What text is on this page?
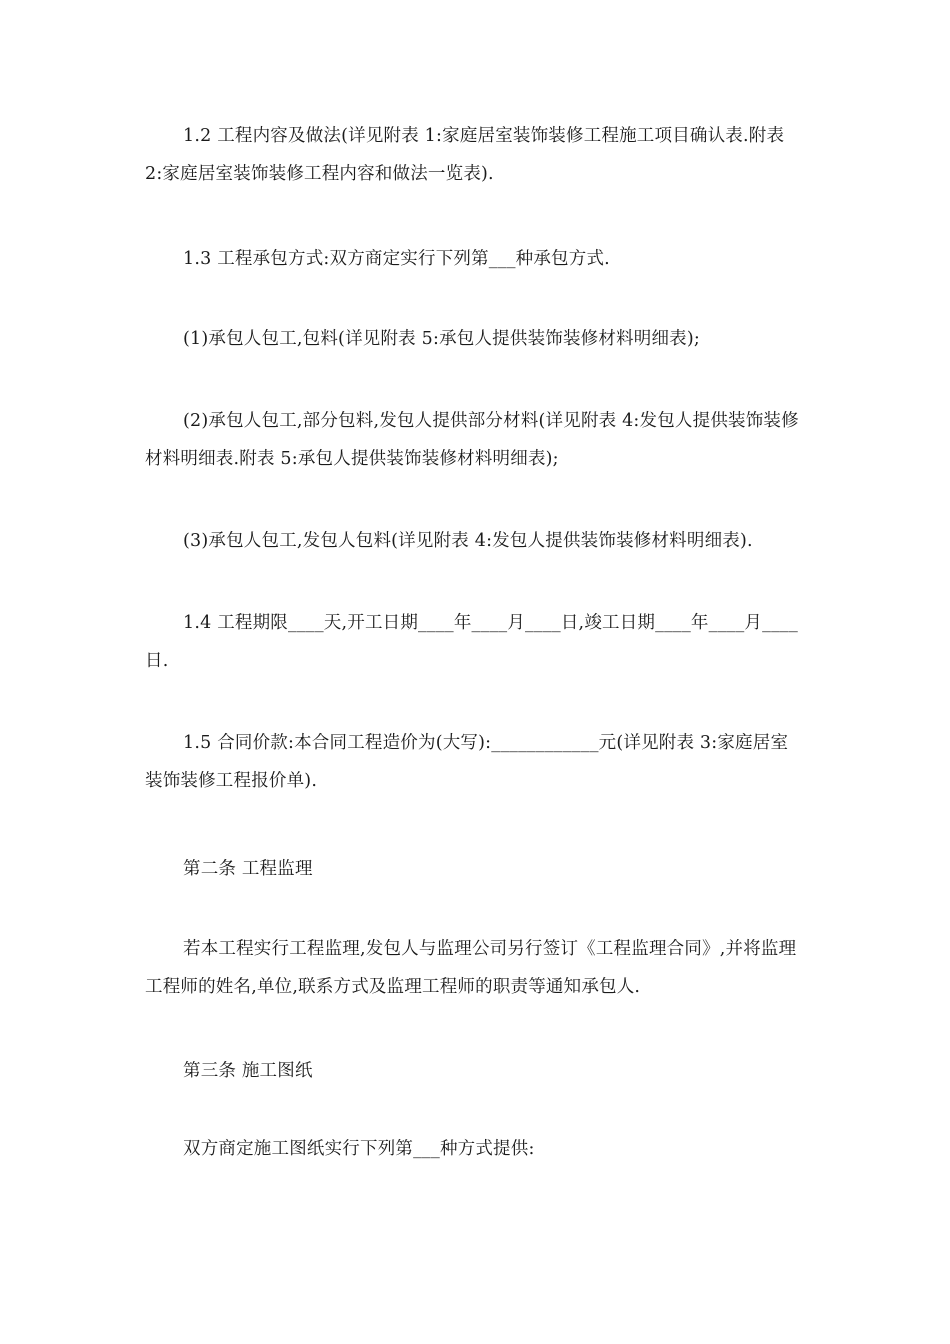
1.2 工程内容及做法(详见附表 1:家庭居室装饰装修工程施工项目确认表.附表 2:家庭居室装饰装修工程内容和做法一览表).

1.3 工程承包方式:双方商定实行下列第___种承包方式.

(1)承包人包工,包料(详见附表 5:承包人提供装饰装修材料明细表);

(2)承包人包工,部分包料,发包人提供部分材料(详见附表 4:发包人提供装饰装修材料明细表.附表 5:承包人提供装饰装修材料明细表);

(3)承包人包工,发包人包料(详见附表 4:发包人提供装饰装修材料明细表).

1.4 工程期限____天,开工日期____年____月____日,竣工日期____年____月____日.

1.5 合同价款:本合同工程造价为(大写):____________元(详见附表 3:家庭居室装饰装修工程报价单).

第二条 工程监理

若本工程实行工程监理,发包人与监理公司另行签订《工程监理合同》,并将监理工程师的姓名,单位,联系方式及监理工程师的职责等通知承包人.

第三条 施工图纸

双方商定施工图纸实行下列第___种方式提供:
